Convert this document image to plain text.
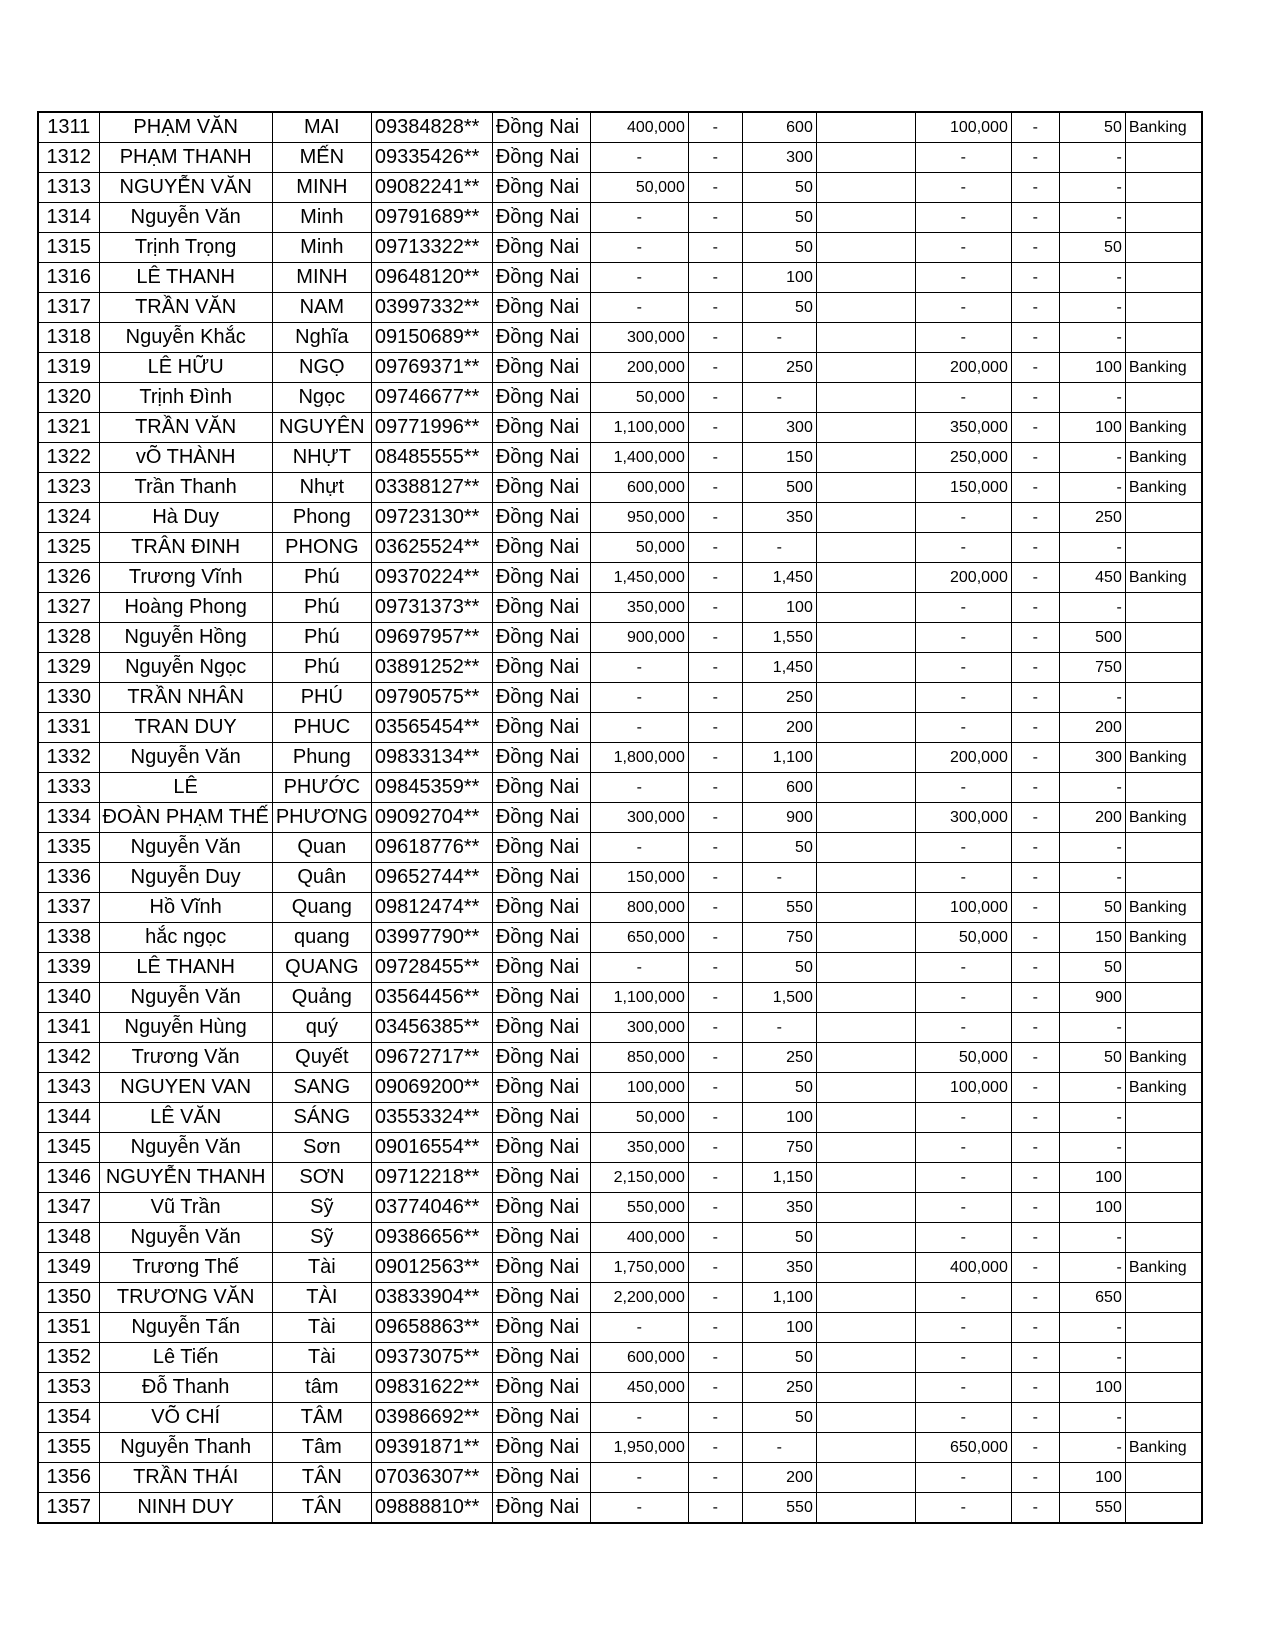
1311	PHẠM VĂN	MAI	09384828**	Đồng Nai	400,000	-	600		100,000	-	50	Banking
1312	PHẠM THANH	MẾN	09335426**	Đồng Nai	-	-	300		-	-	-	
1313	NGUYỄN VĂN	MINH	09082241**	Đồng Nai	50,000	-	50		-	-	-	
1314	Nguyễn Văn	Minh	09791689**	Đồng Nai	-	-	50		-	-	-	
1315	Trịnh Trọng	Minh	09713322**	Đồng Nai	-	-	50		-	-	50	
1316	LÊ THANH	MINH	09648120**	Đồng Nai	-	-	100		-	-	-	
1317	TRẦN VĂN	NAM	03997332**	Đồng Nai	-	-	50		-	-	-	
1318	Nguyễn Khắc	Nghĩa	09150689**	Đồng Nai	300,000	-	-		-	-	-	
1319	LÊ HỮU	NGỌ	09769371**	Đồng Nai	200,000	-	250		200,000	-	100	Banking
1320	Trịnh Đình	Ngọc	09746677**	Đồng Nai	50,000	-	-		-	-	-	
1321	TRẦN VĂN	NGUYÊN	09771996**	Đồng Nai	1,100,000	-	300		350,000	-	100	Banking
1322	vÕ THÀNH	NHỰT	08485555**	Đồng Nai	1,400,000	-	150		250,000	-	-	Banking
1323	Trần Thanh	Nhựt	03388127**	Đồng Nai	600,000	-	500		150,000	-	-	Banking
1324	Hà Duy	Phong	09723130**	Đồng Nai	950,000	-	350		-	-	250	
1325	TRÂN ĐINH	PHONG	03625524**	Đồng Nai	50,000	-	-		-	-	-	
1326	Trương Vĩnh	Phú	09370224**	Đồng Nai	1,450,000	-	1,450		200,000	-	450	Banking
1327	Hoàng Phong	Phú	09731373**	Đồng Nai	350,000	-	100		-	-	-	
1328	Nguyễn Hồng	Phú	09697957**	Đồng Nai	900,000	-	1,550		-	-	500	
1329	Nguyễn Ngọc	Phú	03891252**	Đồng Nai	-	-	1,450		-	-	750	
1330	TRẦN NHÂN	PHÚ	09790575**	Đồng Nai	-	-	250		-	-	-	
1331	TRAN DUY	PHUC	03565454**	Đồng Nai	-	-	200		-	-	200	
1332	Nguyễn Văn	Phung	09833134**	Đồng Nai	1,800,000	-	1,100		200,000	-	300	Banking
1333	LÊ	PHƯỚC	09845359**	Đồng Nai	-	-	600		-	-	-	
1334	ĐOÀN PHẠM THẾ	PHƯƠNG	09092704**	Đồng Nai	300,000	-	900		300,000	-	200	Banking
1335	Nguyễn Văn	Quan	09618776**	Đồng Nai	-	-	50		-	-	-	
1336	Nguyễn Duy	Quân	09652744**	Đồng Nai	150,000	-	-		-	-	-	
1337	Hồ Vĩnh	Quang	09812474**	Đồng Nai	800,000	-	550		100,000	-	50	Banking
1338	hắc ngọc	quang	03997790**	Đồng Nai	650,000	-	750		50,000	-	150	Banking
1339	LÊ THANH	QUANG	09728455**	Đồng Nai	-	-	50		-	-	50	
1340	Nguyễn Văn	Quảng	03564456**	Đồng Nai	1,100,000	-	1,500		-	-	900	
1341	Nguyễn Hùng	quý	03456385**	Đồng Nai	300,000	-	-		-	-	-	
1342	Trương Văn	Quyết	09672717**	Đồng Nai	850,000	-	250		50,000	-	50	Banking
1343	NGUYEN VAN	SANG	09069200**	Đồng Nai	100,000	-	50		100,000	-	-	Banking
1344	LÊ VĂN	SÁNG	03553324**	Đồng Nai	50,000	-	100		-	-	-	
1345	Nguyễn Văn	Sơn	09016554**	Đồng Nai	350,000	-	750		-	-	-	
1346	NGUYỄN THANH	SƠN	09712218**	Đồng Nai	2,150,000	-	1,150		-	-	100	
1347	Vũ Trần	Sỹ	03774046**	Đồng Nai	550,000	-	350		-	-	100	
1348	Nguyễn Văn	Sỹ	09386656**	Đồng Nai	400,000	-	50		-	-	-	
1349	Trương Thế	Tài	09012563**	Đồng Nai	1,750,000	-	350		400,000	-	-	Banking
1350	TRƯƠNG VĂN	TÀI	03833904**	Đồng Nai	2,200,000	-	1,100		-	-	650	
1351	Nguyễn Tấn	Tài	09658863**	Đồng Nai	-	-	100		-	-	-	
1352	Lê Tiến	Tài	09373075**	Đồng Nai	600,000	-	50		-	-	-	
1353	Đỗ Thanh	tâm	09831622**	Đồng Nai	450,000	-	250		-	-	100	
1354	VÕ CHÍ	TÂM	03986692**	Đồng Nai	-	-	50		-	-	-	
1355	Nguyễn Thanh	Tâm	09391871**	Đồng Nai	1,950,000	-	-		650,000	-	-	Banking
1356	TRẦN THÁI	TÂN	07036307**	Đồng Nai	-	-	200		-	-	100	
1357	NINH DUY	TÂN	09888810**	Đồng Nai	-	-	550		-	-	550	
